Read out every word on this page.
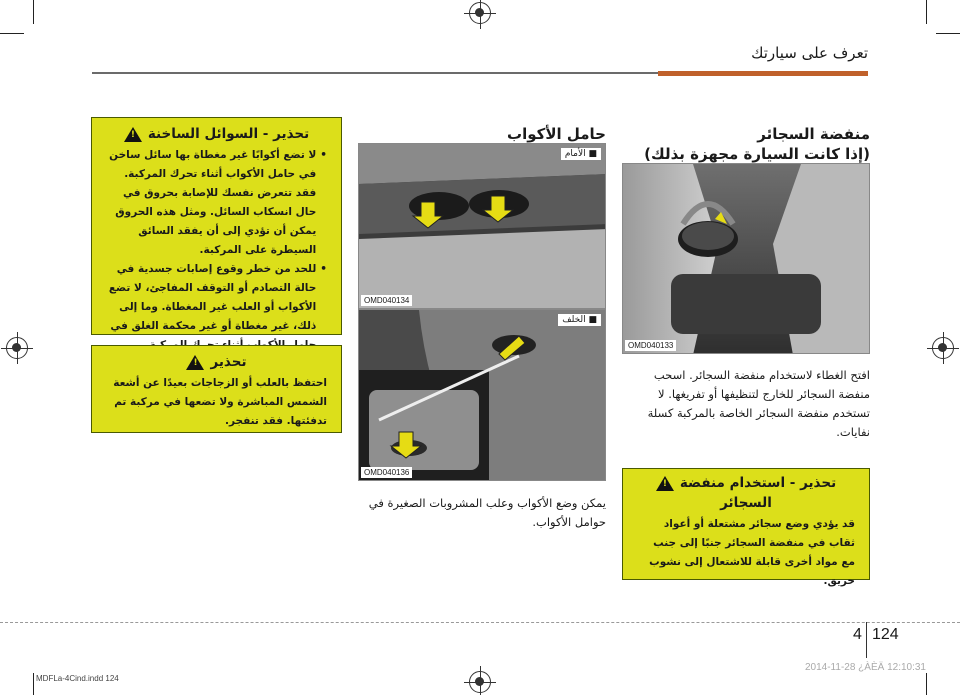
تعرف على سيارتك
منفضة السجائر
(إذا كانت السيارة مجهزة بذلك)
OMD040133
افتح الغطاء لاستخدام منفضة السجائر. اسحب منفضة السجائر للخارج لتنظيفها أو تفريغها. لا تستخدم منفضة السجائر الخاصة بالمركبة كسلة نفايات.
تحذير - استخدام منفضة
!
السجائر
قد يؤدي وضع سجائر مشتعلة أو أعواد ثقاب في منفضة السجائر جنبًا إلى جنب مع مواد أخرى قابلة للاشتعال إلى نشوب حريق.
حامل الأكواب
■ الأمام
OMD040134
■ الخلف
OMD040136
يمكن وضع الأكواب وعلب المشروبات الصغيرة في حوامل الأكواب.
تحذير - السوائل الساخنة
!
•
لا تضع أكوابًا غير مغطاة بها سائل ساخن في حامل الأكواب أثناء تحرك المركبة. فقد تتعرض نفسك للإصابة بحروق في حال انسكاب السائل. ومثل هذه الحروق يمكن أن تؤدي إلى أن يفقد السائق السيطرة على المركبة.
•
للحد من خطر وقوع إصابات جسدية في حالة التصادم أو التوقف المفاجئ، لا تضع الأكواب أو العلب غير المغطاة. وما إلى ذلك، غير مغطاة أو غير محكمة الغلق في
تحذير
!
احتفظ بالعلب أو الزجاجات بعيدًا عن أشعة الشمس المباشرة ولا تضعها في مركبة تم تدفئتها. فقد تنفجر.
4 124
MDFLa-4Cind.indd 124
2014-11-28 ¿ÀÈÄ 12:10:31
